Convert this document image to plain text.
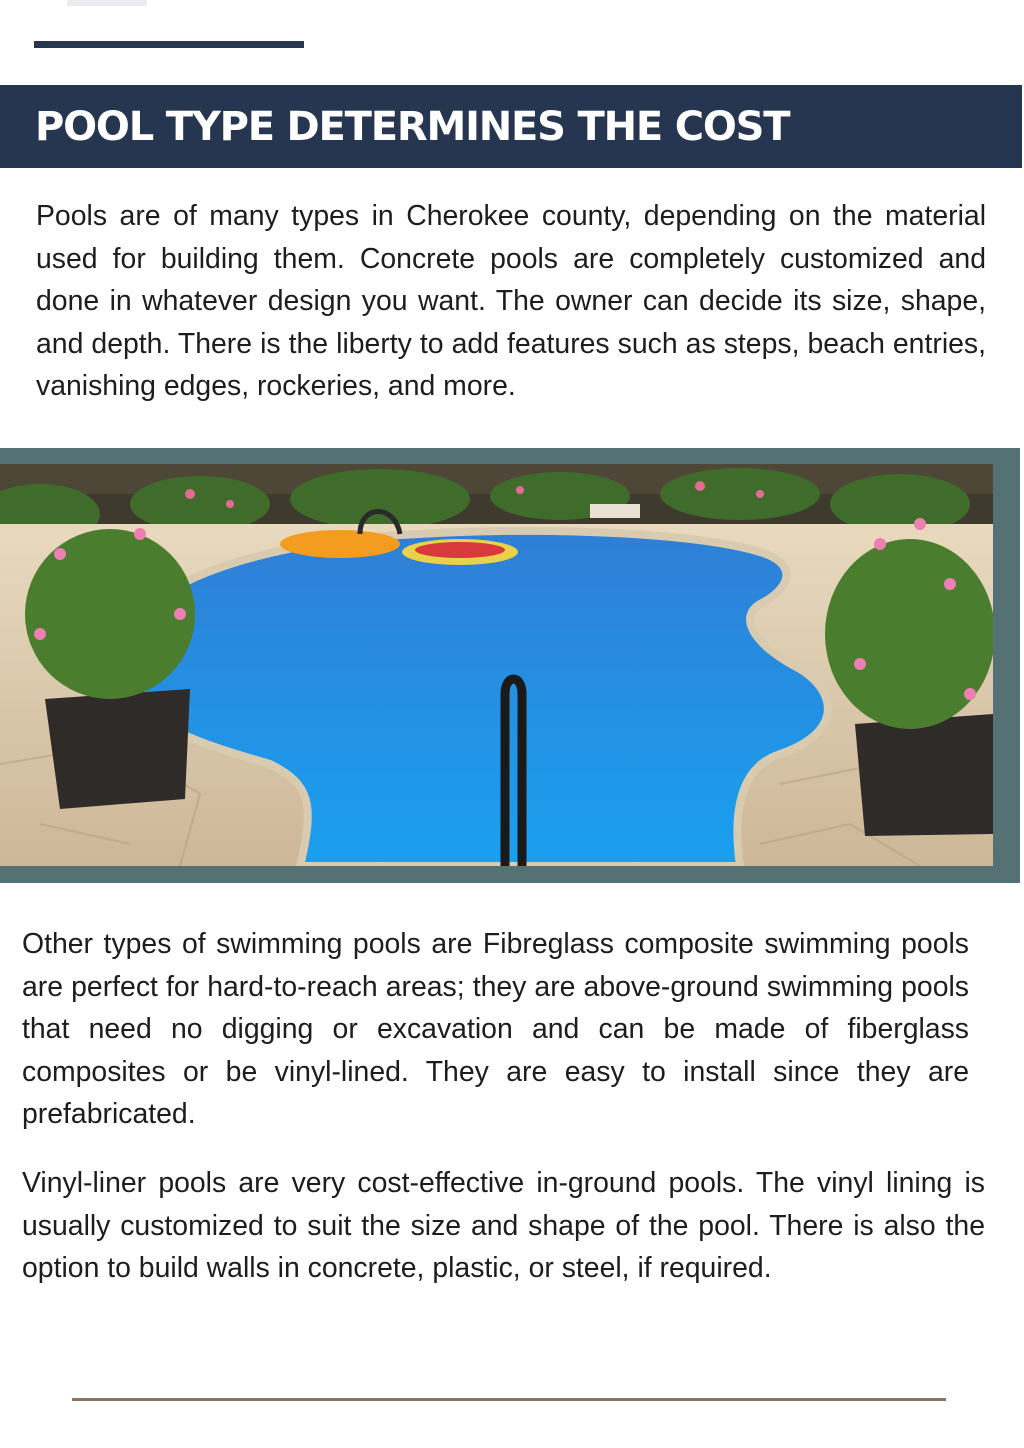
POOL TYPE DETERMINES THE COST

Pools are of many types in Cherokee county, depending on the material used for building them. Concrete pools are completely customized and done in whatever design you want. The owner can decide its size, shape, and depth. There is the liberty to add features such as steps, beach entries, vanishing edges, rockeries, and more.

Other types of swimming pools are Fibreglass composite swimming pools are perfect for hard-to-reach areas; they are above-ground swimming pools that need no digging or excavation and can be made of fiberglass composites or be vinyl-lined. They are easy to install since they are prefabricated.

Vinyl-liner pools are very cost-effective in-ground pools. The vinyl lining is usually customized to suit the size and shape of the pool. There is also the option to build walls in concrete, plastic, or steel, if required.
